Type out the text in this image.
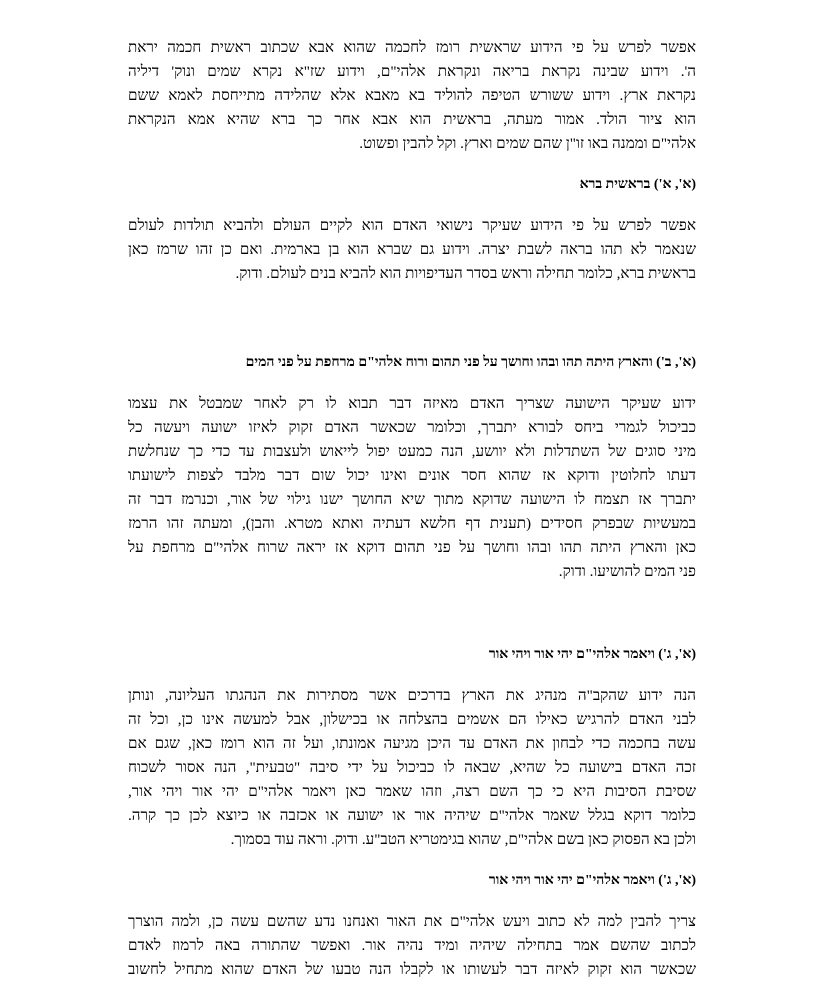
אפשר לפרש על פי הידוע שראשית רומז לחכמה שהוא אבא שכתוב ראשית חכמה יראת
ה'. וידוע שבינה נקראת בריאה ונקראת אלהי"ם, וידוע שז"א נקרא שמים ונוק' דיליה
נקראת ארץ. וידוע ששורש הטיפה להוליד בא מאבא אלא שהלידה מתייחסת לאמא ששם
הוא ציור הולד. אמור מעתה, בראשית הוא אבא אחר כך ברא שהיא אמא הנקראת
אלהי"ם וממנה באו זו"ן שהם שמים וארץ. וקל להבין ופשוט.
(א', א') בראשית ברא
אפשר לפרש על פי הידוע שעיקר נישואי האדם הוא לקיים העולם ולהביא תולדות לעולם
שנאמר לא תהו בראה לשבת יצרה. וידוע גם שברא הוא בן בארמית. ואם כן זהו שרמז כאן
בראשית ברא, כלומר תחילה וראש בסדר העדיפויות הוא להביא בנים לעולם. ודוק.
(א', ב') והארץ היתה תהו ובהו וחושך על פני תהום ורוח אלהי"ם מרחפת על פני המים
ידוע שעיקר הישועה שצריך האדם מאיזה דבר תבוא לו רק לאחר שמבטל את עצמו
כביכול לגמרי ביחס לבורא יתברך, וכלומר שכאשר האדם זקוק לאיזו ישועה ויעשה כל
מיני סוגים של השתדלות ולא יוושע, הנה כמעט יפול לייאוש ולעצבות עד כדי כך שנחלשת
דעתו לחלוטין ודוקא אז שהוא חסר אונים ואינו יכול שום דבר מלבד לצפות לישועתו
יתברך אז תצמח לו הישועה שדוקא מתוך שיא החושך ישנו גילוי של אור, וכנרמז דבר זה
במעשיות שבפרק חסידים (תענית דף חלשא דעתיה ואתא מטרא. והבן), ומעתה זהו הרמז
כאן והארץ היתה תהו ובהו וחושך על פני תהום דוקא אז יראה שרוח אלהי"ם מרחפת על
פני המים להושיעו. ודוק.
(א', ג') ויאמר אלהי"ם יהי אור ויהי אור
הנה ידוע שהקב"ה מנהיג את הארץ בדרכים אשר מסתירות את הנהגתו העליונה, ונותן
לבני האדם להרגיש כאילו הם אשמים בהצלחה או בכישלון, אבל למעשה אינו כן, וכל זה
עשה בחכמה כדי לבחון את האדם עד היכן מגיעה אמונתו, ועל זה הוא רומז כאן, שגם אם
זכה האדם בישועה כל שהיא, שבאה לו כביכול על ידי סיבה "טבעית", הנה אסור לשכוח
שסיבת הסיבות היא כי כך השם רצה, וזהו שאמר כאן ויאמר אלהי"ם יהי אור ויהי אור,
כלומר דוקא בגלל שאמר אלהי"ם שיהיה אור או ישועה או אכזבה או כיוצא לכן כך קרה.
ולכן בא הפסוק כאן בשם אלהי"ם, שהוא בגימטריא הטב"ע. ודוק. וראה עוד בסמוך.
(א', ג') ויאמר אלהי"ם יהי אור ויהי אור
צריך להבין למה לא כתוב ויעש אלהי"ם את האור ואנחנו נדע שהשם עשה כן, ולמה הוצרך
לכתוב שהשם אמר בתחילה שיהיה ומיד נהיה אור. ואפשר שהתורה באה לרמוז לאדם
שכאשר הוא זקוק לאיזה דבר לעשותו או לקבלו הנה טבעו של האדם שהוא מתחיל לחשוב
